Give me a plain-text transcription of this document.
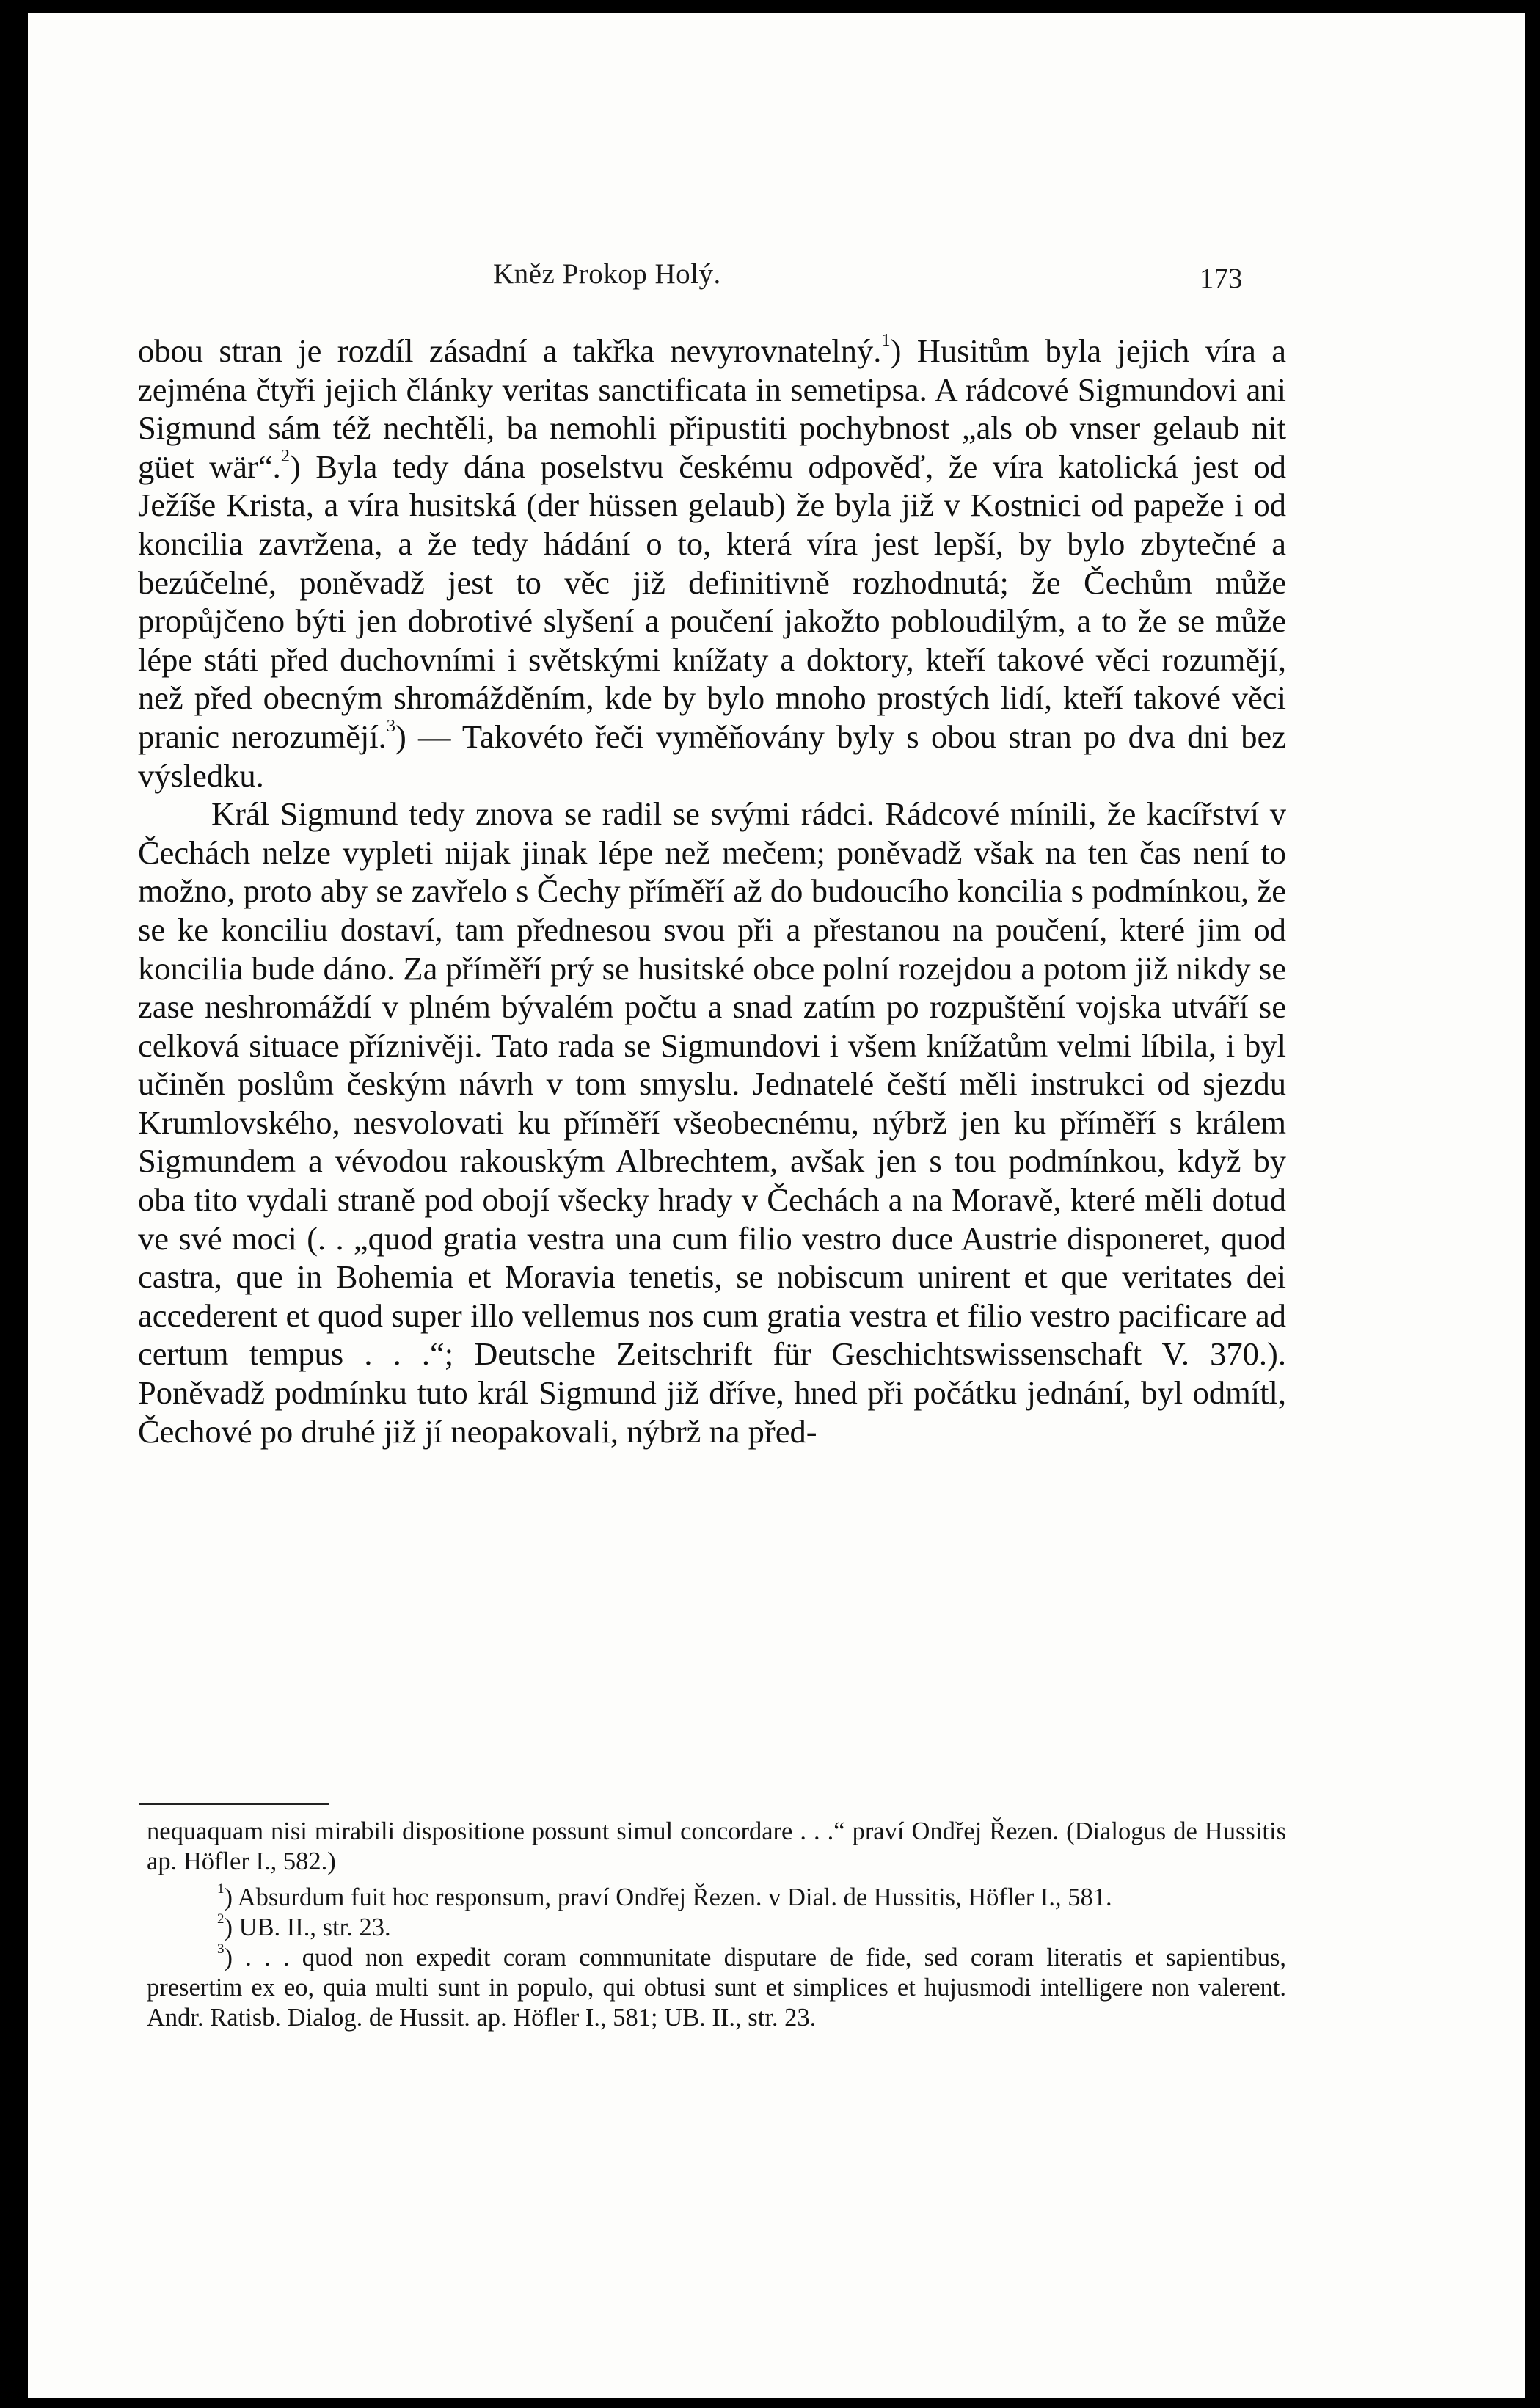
Kněz Prokop Holý.	173

obou stran je rozdíl zásadní a takřka nevyrovnatelný.$^1$) Husitům byla jejich víra a zejména čtyři jejich články veritas sanctificata in semetipsa. A rádcové Sigmundovi ani Sigmund sám též nechtěli, ba nemohli připustiti pochybnost „als ob vnser gelaub nit güet wär“.$^2$) Byla tedy dána poselstvu českému odpověď, že víra katolická jest od Ježíše Krista, a víra husitská (der hüssen gelaub) že byla již v Kostnici od papeže i od koncilia zavržena, a že tedy hádání o to, která víra jest lepší, by bylo zbytečné a bezúčelné, poněvadž jest to věc již definitivně rozhodnutá; že Čechům může propůjčeno býti jen dobrotivé slyšení a poučení jakožto pobloudilým, a to že se může lépe státi před duchovními i světskými knížaty a doktory, kteří takové věci rozumějí, než před obecným shromážděním, kde by bylo mnoho prostých lidí, kteří takové věci pranic nerozumějí.$^3$) — Takovéto řeči vyměňovány byly s obou stran po dva dni bez výsledku.

Král Sigmund tedy znova se radil se svými rádci. Rádcové mínili, že kacířství v Čechách nelze vypleti nijak jinak lépe než mečem; poněvadž však na ten čas není to možno, proto aby se zavřelo s Čechy příměří až do budoucího koncilia s podmínkou, že se ke konciliu dostaví, tam přednesou svou při a přestanou na poučení, které jim od koncilia bude dáno. Za příměří prý se husitské obce polní rozejdou a potom již nikdy se zase neshromáždí v plném bývalém počtu a snad zatím po rozpuštění vojska utváří se celková situace příznivěji. Tato rada se Sigmundovi i všem knížatům velmi líbila, i byl učiněn poslům českým návrh v tom smyslu. Jednatelé čeští měli instrukci od sjezdu Krumlovského, nesvolovati ku příměří všeobecnému, nýbrž jen ku příměří s králem Sigmundem a vévodou rakouským Albrechtem, avšak jen s tou podmínkou, když by oba tito vydali straně pod obojí všecky hrady v Čechách a na Moravě, které měli dotud ve své moci (. . „quod gratia vestra una cum filio vestro duce Austrie disponeret, quod castra, que in Bohemia et Moravia tenetis, se nobiscum unirent et que veritates dei accederent et quod super illo vellemus nos cum gratia vestra et filio vestro pacificare ad certum tempus . . .“; Deutsche Zeitschrift für Geschichtswissenschaft V. 370.). Poněvadž podmínku tuto král Sigmund již dříve, hned při počátku jednání, byl odmítl, Čechové po druhé již jí neopakovali, nýbrž na před-

nequaquam nisi mirabili dispositione possunt simul concordare . . .“ praví Ondřej Řezen. (Dialogus de Hussitis ap. Höfler I., 582.)

$^1$) Absurdum fuit hoc responsum, praví Ondřej Řezen. v Dial. de Hussitis, Höfler I., 581.

$^2$) UB. II., str. 23.

$^3$) . . . quod non expedit coram communitate disputare de fide, sed coram literatis et sapientibus, presertim ex eo, quia multi sunt in populo, qui obtusi sunt et simplices et hujusmodi intelligere non valerent. Andr. Ratisb. Dialog. de Hussit. ap. Höfler I., 581; UB. II., str. 23.
